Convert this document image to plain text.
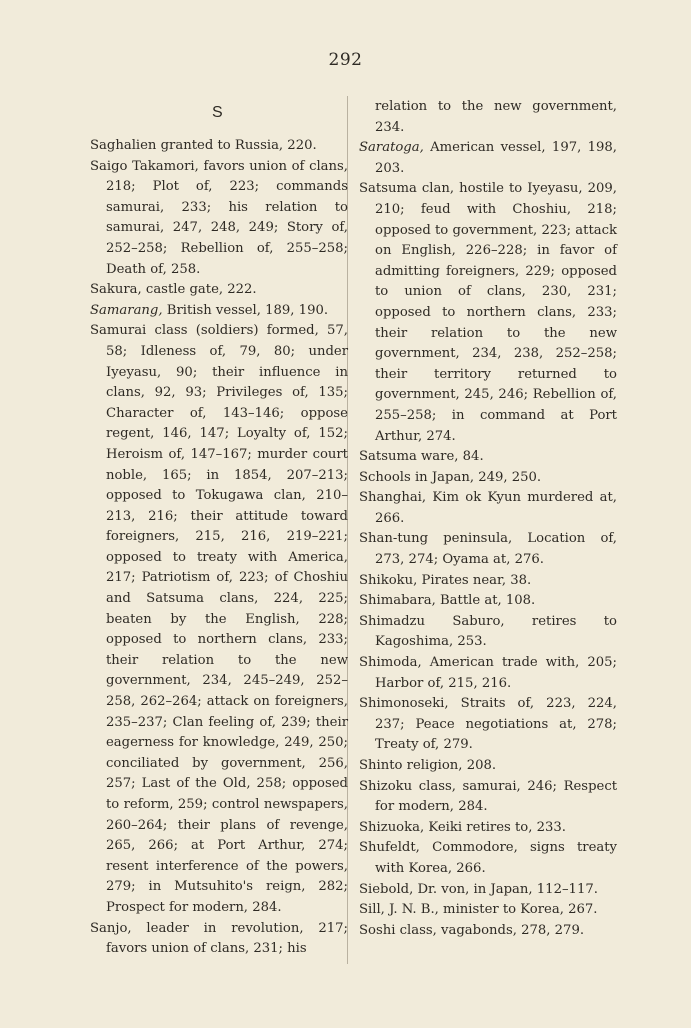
292
S

Saghalien granted to Russia, 220.

Saigo Takamori, favors union of clans, 218; Plot of, 223; commands samurai, 233; his relation to samurai, 247, 248, 249; Story of, 252–258; Rebellion of, 255–258; Death of, 258.

Sakura, castle gate, 222.

Samarang, British vessel, 189, 190.

Samurai class (soldiers) formed, 57, 58; Idleness of, 79, 80; under Iyeyasu, 90; their influence in clans, 92, 93; Privileges of, 135; Character of, 143–146; oppose regent, 146, 147; Loyalty of, 152; Heroism of, 147–167; murder court noble, 165; in 1854, 207–213; opposed to Tokugawa clan, 210–213, 216; their attitude toward foreigners, 215, 216, 219–221; opposed to treaty with America, 217; Patriotism of, 223; of Choshiu and Satsuma clans, 224, 225; beaten by the English, 228; opposed to northern clans, 233; their relation to the new government, 234, 245–249, 252–258, 262–264; attack on foreigners, 235–237; Clan feeling of, 239; their eagerness for knowledge, 249, 250; conciliated by government, 256, 257; Last of the Old, 258; opposed to reform, 259; control newspapers, 260–264; their plans of revenge, 265, 266; at Port Arthur, 274; resent interference of the powers, 279; in Mutsuhito's reign, 282; Prospect for modern, 284.

Sanjo, leader in revolution, 217; favors union of clans, 231; his

relation to the new government, 234.

Saratoga, American vessel, 197, 198, 203.

Satsuma clan, hostile to Iyeyasu, 209, 210; feud with Choshiu, 218; opposed to government, 223; attack on English, 226–228; in favor of admitting foreigners, 229; opposed to union of clans, 230, 231; opposed to northern clans, 233; their relation to the new government, 234, 238, 252–258; their territory returned to government, 245, 246; Rebellion of, 255–258; in command at Port Arthur, 274.

Satsuma ware, 84.

Schools in Japan, 249, 250.

Shanghai, Kim ok Kyun murdered at, 266.

Shan-tung peninsula, Location of, 273, 274; Oyama at, 276.

Shikoku, Pirates near, 38.

Shimabara, Battle at, 108.

Shimadzu Saburo, retires to Kagoshima, 253.

Shimoda, American trade with, 205; Harbor of, 215, 216.

Shimonoseki, Straits of, 223, 224, 237; Peace negotiations at, 278; Treaty of, 279.

Shinto religion, 208.

Shizoku class, samurai, 246; Respect for modern, 284.

Shizuoka, Keiki retires to, 233.

Shufeldt, Commodore, signs treaty with Korea, 266.

Siebold, Dr. von, in Japan, 112–117.

Sill, J. N. B., minister to Korea, 267.

Soshi class, vagabonds, 278, 279.
